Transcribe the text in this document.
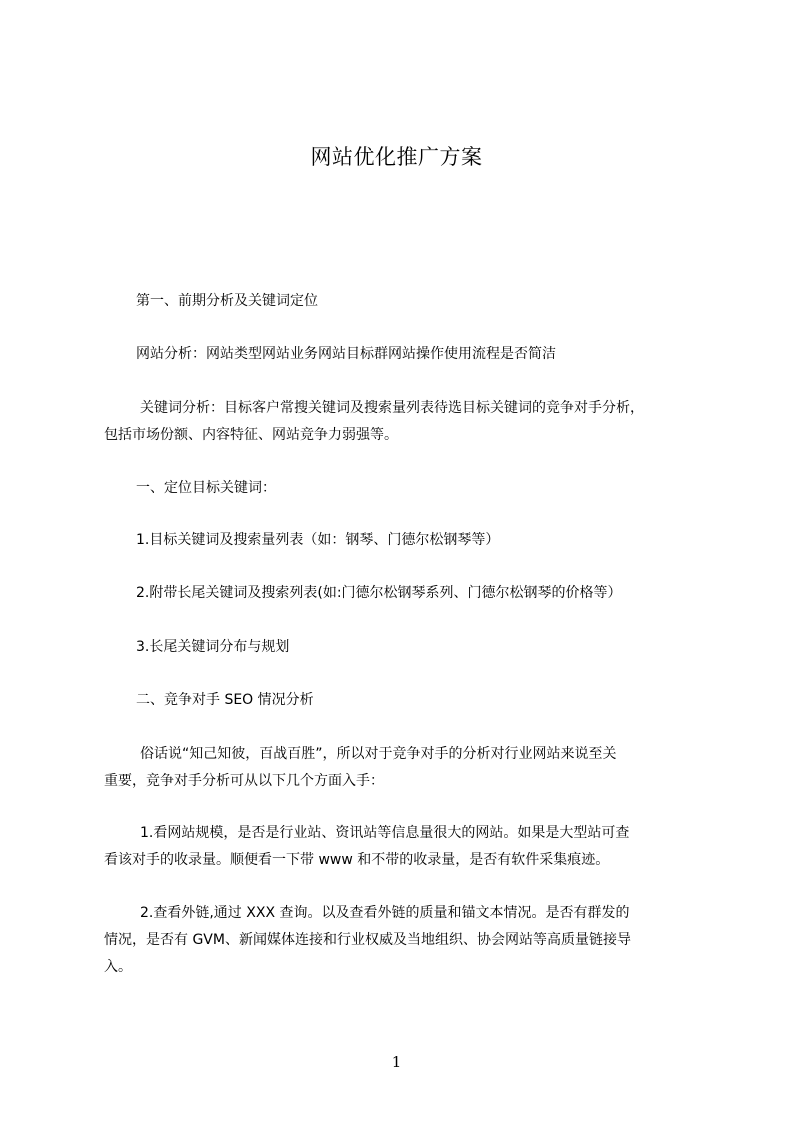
网站优化推广方案
第一、前期分析及关键词定位
网站分析：网站类型网站业务网站目标群网站操作使用流程是否简洁
关键词分析：目标客户常搜关键词及搜索量列表待选目标关键词的竞争对手分析，
包括市场份额、内容特征、网站竞争力弱强等。
一、定位目标关键词：
1.目标关键词及搜索量列表（如：钢琴、门德尔松钢琴等）
2.附带长尾关键词及搜索列表(如:门德尔松钢琴系列、门德尔松钢琴的价格等）
3.长尾关键词分布与规划
二、竞争对手 SEO 情况分析
俗话说“知己知彼，百战百胜”，所以对于竞争对手的分析对行业网站来说至关
重要，竞争对手分析可从以下几个方面入手：
1.看网站规模，是否是行业站、资讯站等信息量很大的网站。如果是大型站可查
看该对手的收录量。顺便看一下带 www 和不带的收录量，是否有软件采集痕迹。
2.查看外链,通过 XXX 查询。以及查看外链的质量和锚文本情况。是否有群发的
情况，是否有 GVM、新闻媒体连接和行业权威及当地组织、协会网站等高质量链接导
入。
1
